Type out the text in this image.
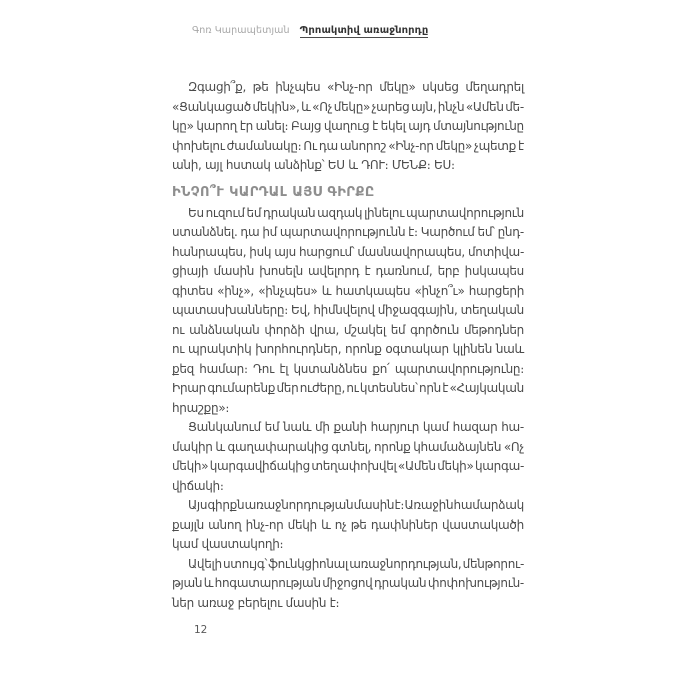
Գոռ Կարապետյան Պրոակտիվ առաջնորդը
Զգացի՞ք, թե ինչպես «Ինչ-որ մեկը» սկսեց մեղադրել
«Ցանկացած մեկին», և «Ոչ մեկը» չարեց այն, ինչն «Ամեն մե-
կը» կարող էր անել։ Բայց վաղուց է եկել այդ մտայնությունը
փոխելու ժամանակը։ Ու դա անորոշ «Ինչ-որ մեկը» չպետք է
անի, այլ հստակ անձինք՝ ԵՍ և ԴՈՒ։ ՄԵՆՔ։ ԵՍ։
ԻՆՉՈ՞Ւ ԿԱՐԴԱԼ ԱՅՍ ԳԻՐՔԸ
Ես ուզում եմ դրական ազդակ լինելու պարտավորություն
ստանձնել. դա իմ պարտավորությունն է։ Կարծում եմ՝ ընդ-
հանրապես, իսկ այս հարցում՝ մասնավորապես, մոտիվա-
ցիայի մասին խոսելն ավելորդ է դառնում, երբ իսկապես
գիտես «ինչ», «ինչպես» և հատկապես «ինչո՞ւ» հարցերի
պատասխանները։ Եվ, հիմնվելով միջազգային, տեղական
ու անձնական փորձի վրա, մշակել եմ գործուն մեթոդներ
ու պրակտիկ խորհուրդներ, որոնք օգտակար կլինեն նաև
քեզ համար։ Դու էլ կստանձնես քո՛ պարտավորությունը։
Իրար գումարենք մեր ուժերը, ու կտեսնես՝ որն է «Հայկական
հրաշքը»։
Ցանկանում եմ նաև մի քանի հարյուր կամ հազար հա-
մակիր և գաղափարակից գտնել, որոնք կհամաձայնեն «Ոչ
մեկի» կարգավիճակից տեղափոխվել «Ամեն մեկի» կարգա-
վիճակի։
Այս գիրքն առաջնորդության մասին է։ Առաջին համարձակ
քայլն անող ինչ-որ մեկի և ոչ թե դափնիներ վաստակածի
կամ վաստակողի։
Ավելի ստույգ՝ ֆունկցիոնալ առաջնորդության, մենթորու-
թյան և հոգատարության միջոցով դրական փոփոխություն-
ներ առաջ բերելու մասին է։
12
